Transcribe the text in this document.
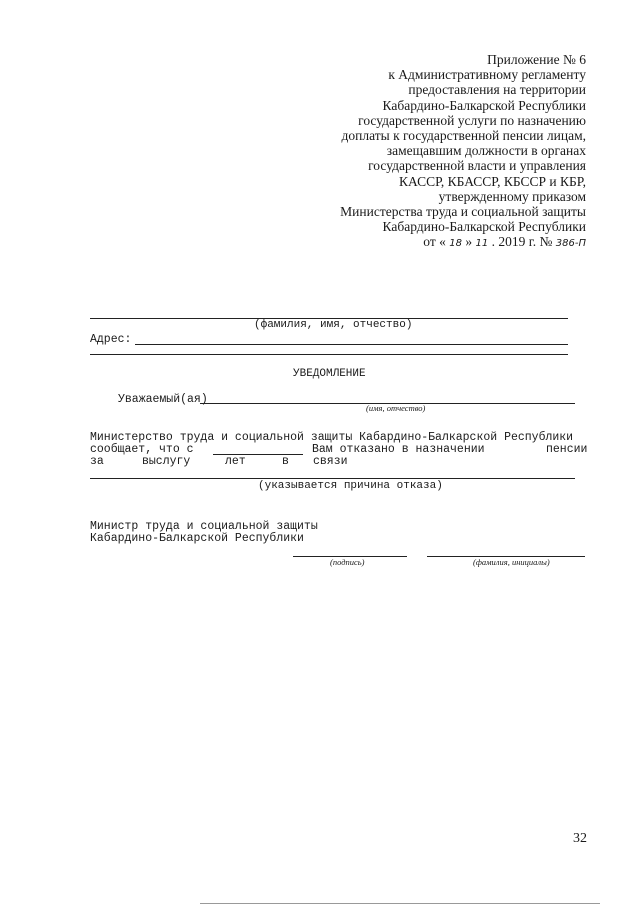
Приложение № 6
к Административному регламенту
предоставления на территории
Кабардино-Балкарской Республики
государственной услуги по назначению
доплаты к государственной пенсии лицам,
замещавшим должности в органах
государственной власти и управления
КАССР, КБАССР, КБССР и КБР,
утвержденному приказом
Министерства труда и социальной защиты
Кабардино-Балкарской Республики
от « 18 » 11 . 2019 г. № 386-П
(фамилия, имя, отчество)
Адрес:
УВЕДОМЛЕНИЕ
Уважаемый(ая)
(имя, отчество)
Министерство труда и социальной защиты Кабардино-Балкарской Республики
сообщает, что с	Вам отказано в назначении	пенсии
за	выслугу	лет	в связи
(указывается причина отказа)
Министр труда и социальной защиты
Кабардино-Балкарской Республики
(подпись)	(фамилия, инициалы)
32
